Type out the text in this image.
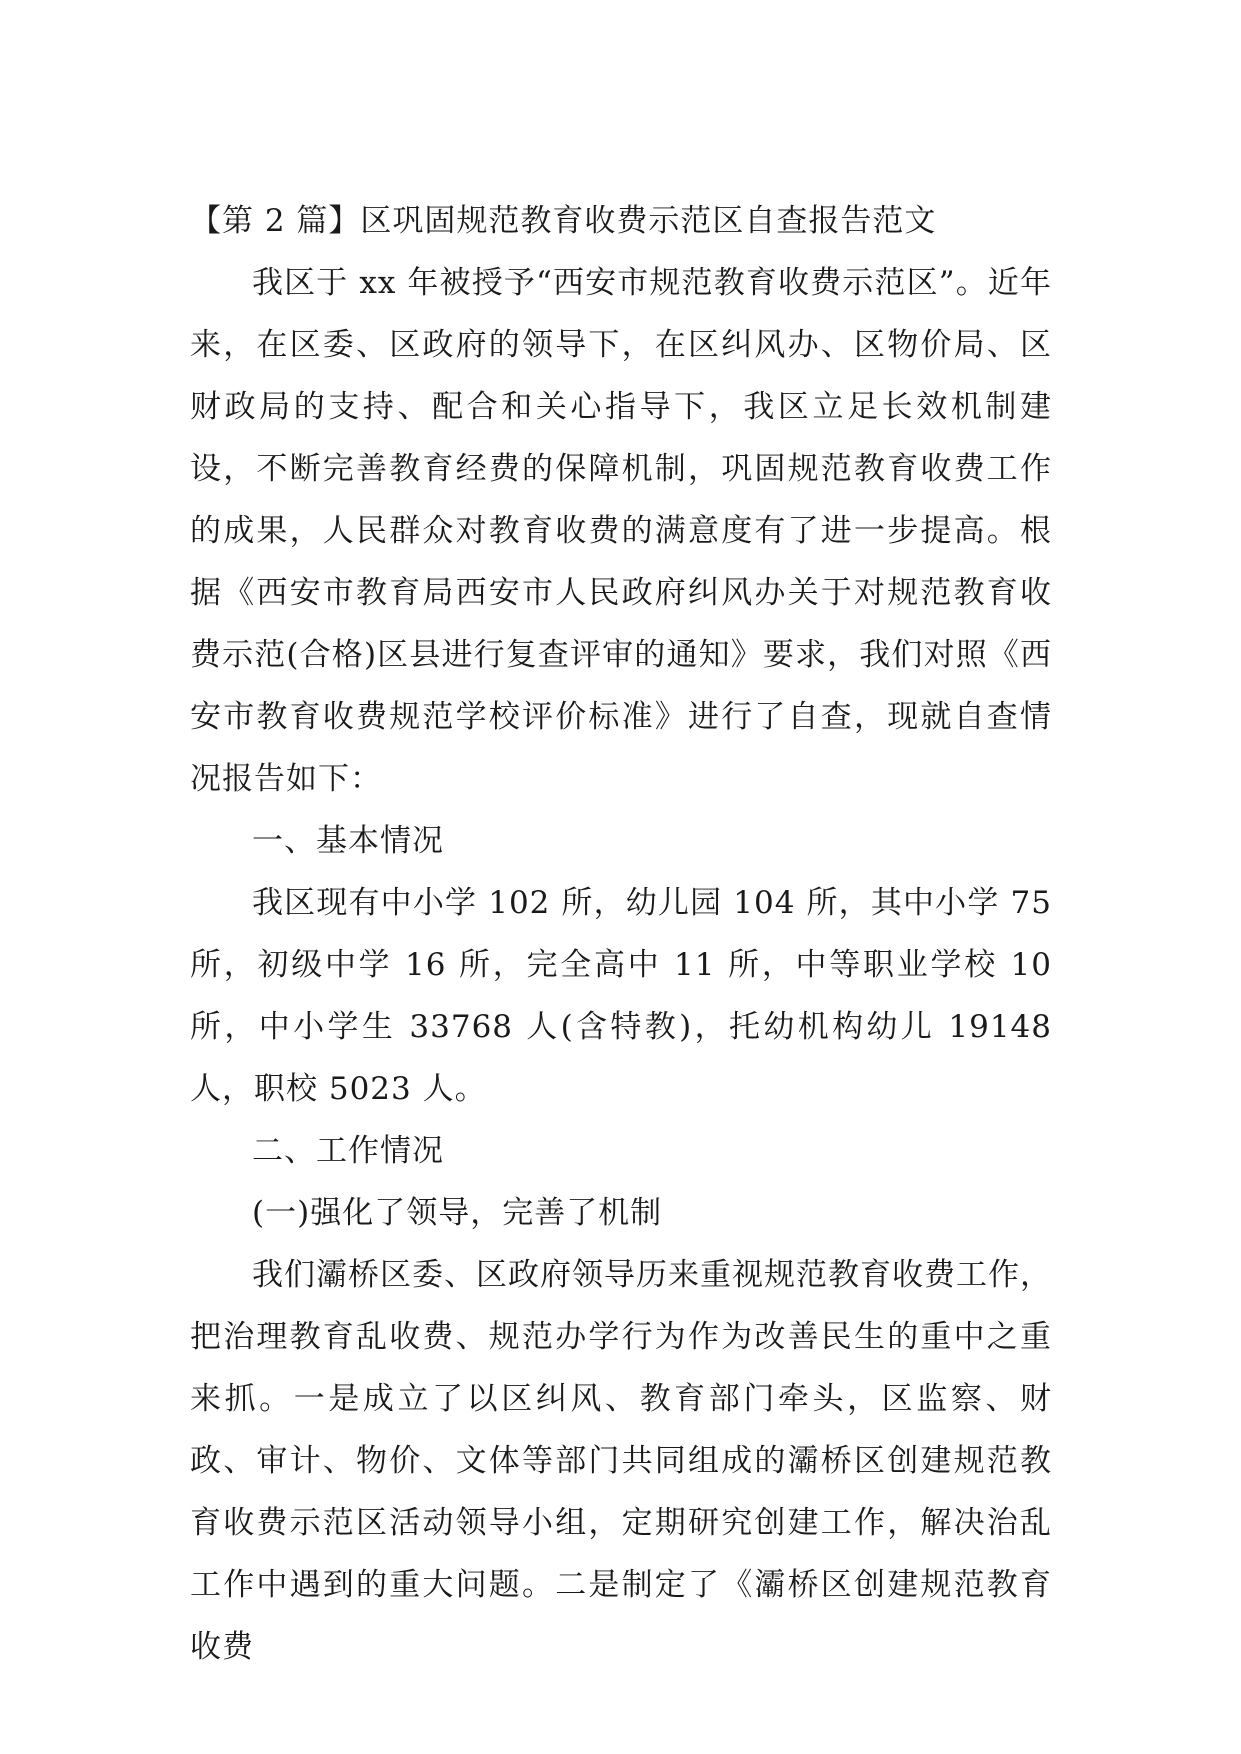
【第 2 篇】区巩固规范教育收费示范区自查报告范文

我区于 xx 年被授予“西安市规范教育收费示范区”。近年来，在区委、区政府的领导下，在区纠风办、区物价局、区财政局的支持、配合和关心指导下，我区立足长效机制建设，不断完善教育经费的保障机制，巩固规范教育收费工作的成果，人民群众对教育收费的满意度有了进一步提高。根据《西安市教育局西安市人民政府纠风办关于对规范教育收费示范(合格)区县进行复查评审的通知》要求，我们对照《西安市教育收费规范学校评价标准》进行了自查，现就自查情况报告如下：

一、基本情况

我区现有中小学 102 所，幼儿园 104 所，其中小学 75 所，初级中学 16 所，完全高中 11 所，中等职业学校 10 所，中小学生 33768 人(含特教)，托幼机构幼儿 19148 人，职校 5023 人。

二、工作情况

(一)强化了领导，完善了机制

我们灞桥区委、区政府领导历来重视规范教育收费工作，把治理教育乱收费、规范办学行为作为改善民生的重中之重来抓。一是成立了以区纠风、教育部门牵头，区监察、财政、审计、物价、文体等部门共同组成的灞桥区创建规范教育收费示范区活动领导小组，定期研究创建工作，解决治乱工作中遇到的重大问题。二是制定了《灞桥区创建规范教育收费
